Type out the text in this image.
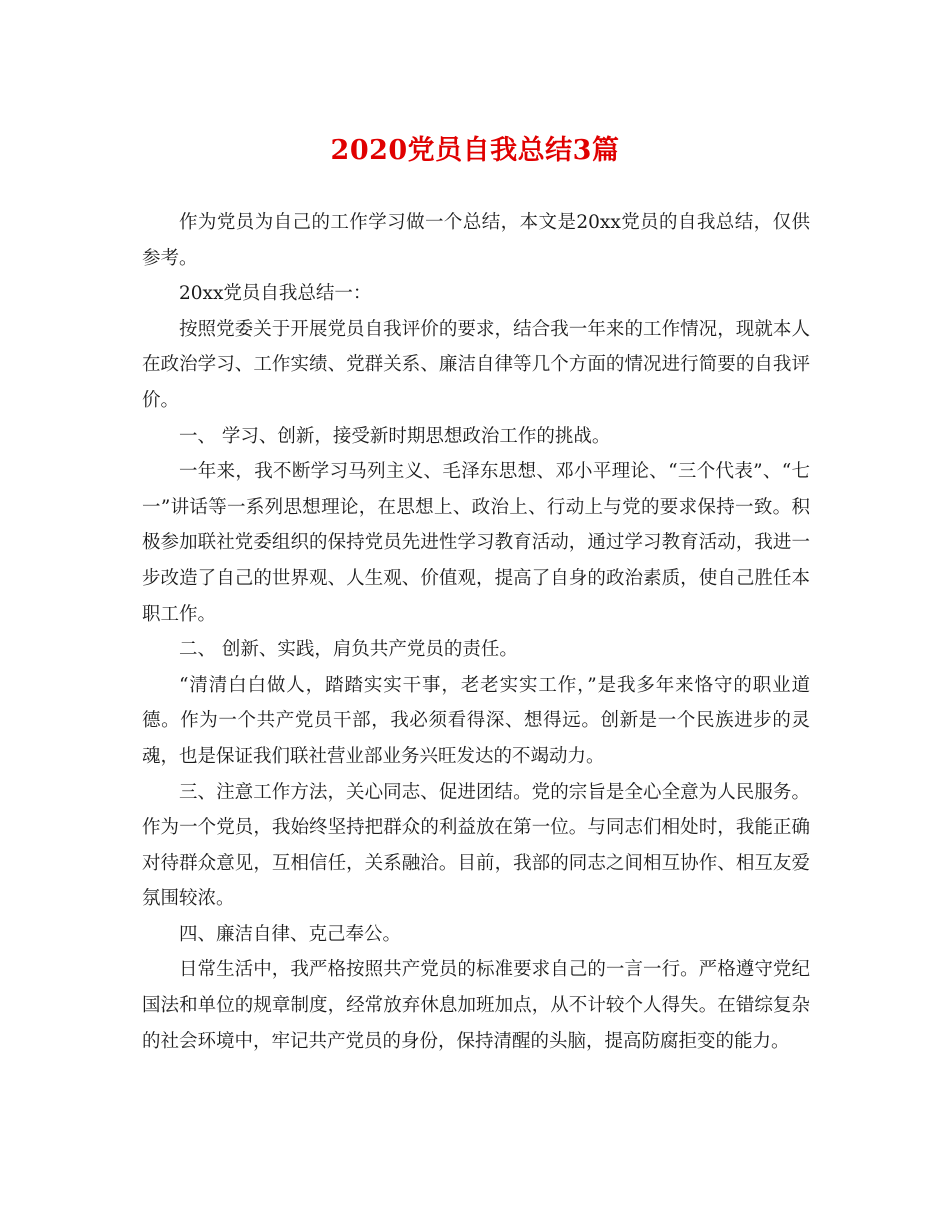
2020党员自我总结3篇

作为党员为自己的工作学习做一个总结，本文是20xx党员的自我总结，仅供参考。

20xx党员自我总结一：

按照党委关于开展党员自我评价的要求，结合我一年来的工作情况，现就本人在政治学习、工作实绩、党群关系、廉洁自律等几个方面的情况进行简要的自我评价。

一、 学习、创新，接受新时期思想政治工作的挑战。

一年来，我不断学习马列主义、毛泽东思想、邓小平理论、“三个代表”、“七一”讲话等一系列思想理论，在思想上、政治上、行动上与党的要求保持一致。积极参加联社党委组织的保持党员先进性学习教育活动，通过学习教育活动，我进一步改造了自己的世界观、人生观、价值观，提高了自身的政治素质，使自己胜任本职工作。

二、 创新、实践，肩负共产党员的责任。

“清清白白做人，踏踏实实干事，老老实实工作，”是我多年来恪守的职业道德。作为一个共产党员干部，我必须看得深、想得远。创新是一个民族进步的灵魂，也是保证我们联社营业部业务兴旺发达的不竭动力。

三、注意工作方法，关心同志、促进团结。党的宗旨是全心全意为人民服务。作为一个党员，我始终坚持把群众的利益放在第一位。与同志们相处时，我能正确对待群众意见，互相信任，关系融洽。目前，我部的同志之间相互协作、相互友爱氛围较浓。

四、廉洁自律、克己奉公。

日常生活中，我严格按照共产党员的标准要求自己的一言一行。严格遵守党纪国法和单位的规章制度，经常放弃休息加班加点，从不计较个人得失。在错综复杂的社会环境中，牢记共产党员的身份，保持清醒的头脑，提高防腐拒变的能力。
